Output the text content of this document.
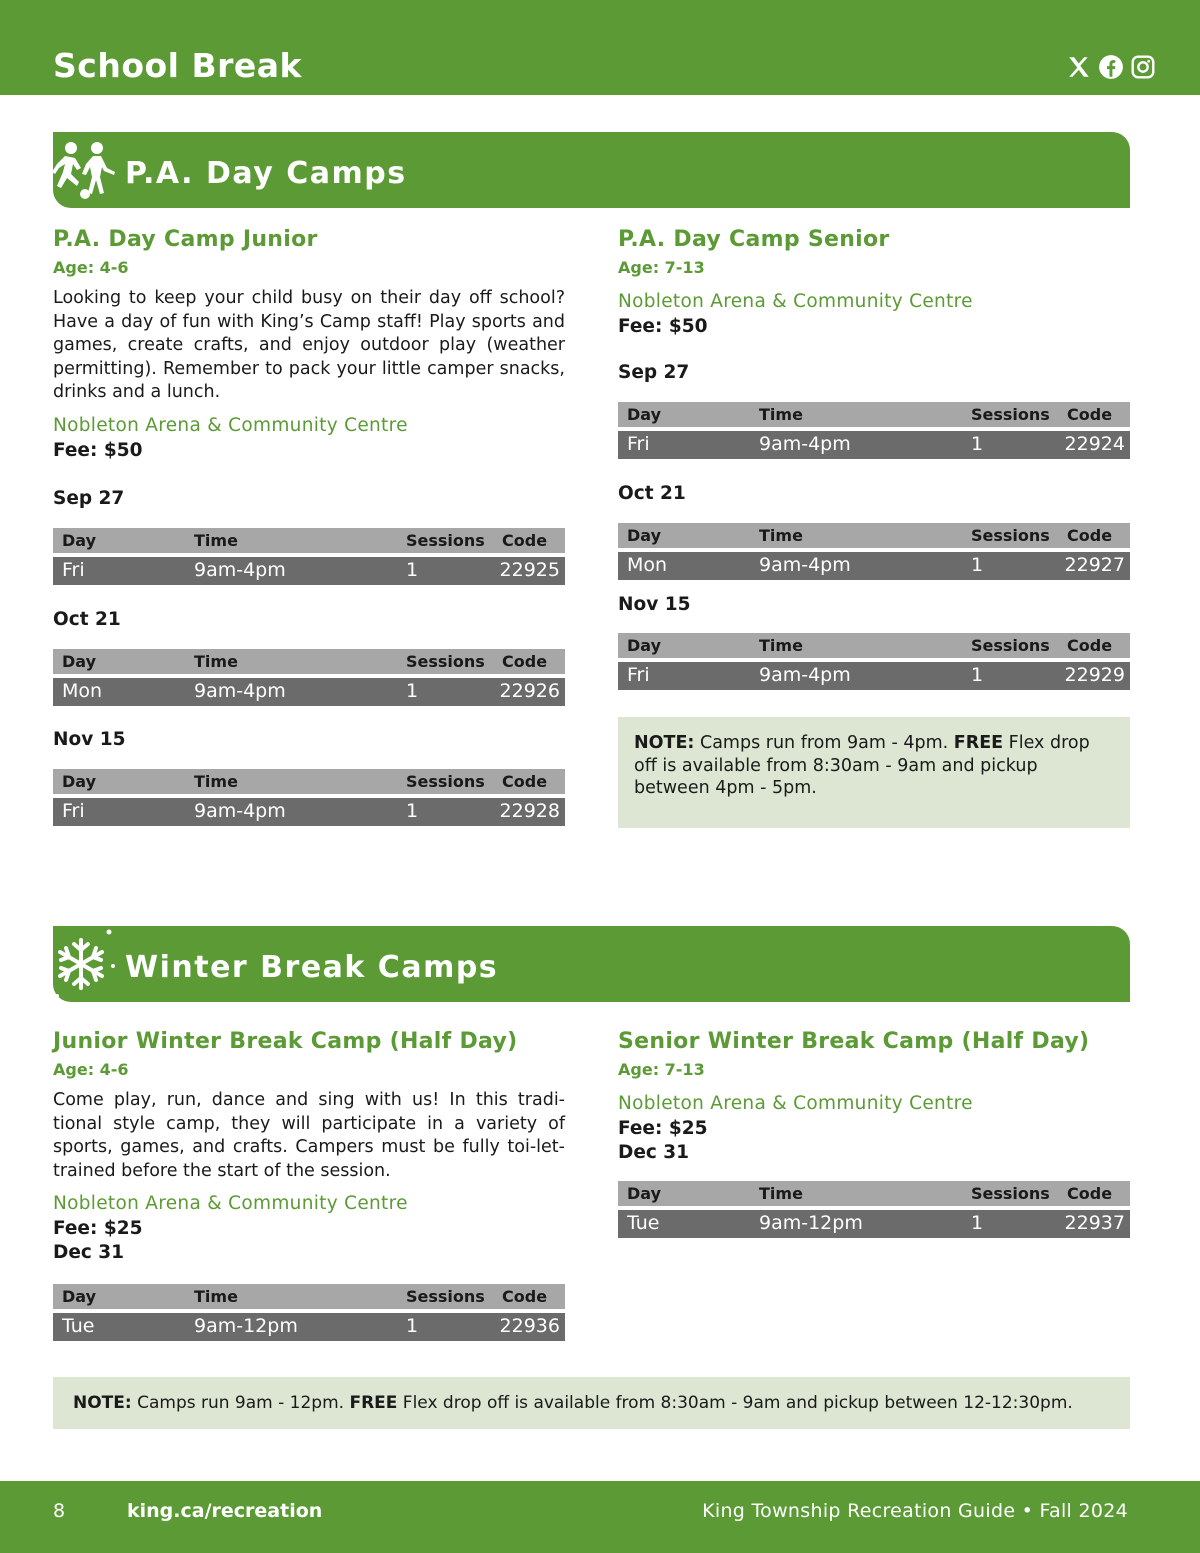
School Break
P.A. Day Camps
P.A. Day Camp Junior
Age: 4-6
Looking to keep your child busy on their day off school? Have a day of fun with King’s Camp staff! Play sports and games, create crafts, and enjoy outdoor play (weather permitting). Remember to pack your little camper snacks, drinks and a lunch.
Nobleton Arena & Community Centre
Fee: $50
Sep 27
Day	Time	Sessions Code
Fri	9am-4pm	1	22925
Oct 21
Day	Time	Sessions Code
Mon	9am-4pm	1	22926
Nov 15
Day	Time	Sessions Code
Fri	9am-4pm	1	22928
P.A. Day Camp Senior
Age: 7-13
Nobleton Arena & Community Centre
Fee: $50
Sep 27
Day	Time	Sessions Code
Fri	9am-4pm	1	22924
Oct 21
Day	Time	Sessions Code
Mon	9am-4pm	1	22927
Nov 15
Day	Time	Sessions Code
Fri	9am-4pm	1	22929
NOTE: Camps run from 9am - 4pm. FREE Flex drop off is available from 8:30am - 9am and pickup between 4pm - 5pm.
Winter Break Camps
Junior Winter Break Camp (Half Day)
Age: 4-6
Come play, run, dance and sing with us! In this tradi-tional style camp, they will participate in a variety of sports, games, and crafts. Campers must be fully toi-let-trained before the start of the session.
Nobleton Arena & Community Centre
Fee: $25
Dec 31
Day	Time	Sessions Code
Tue	9am-12pm	1	22936
Senior Winter Break Camp (Half Day)
Age: 7-13
Nobleton Arena & Community Centre
Fee: $25
Dec 31
Day	Time	Sessions Code
Tue	9am-12pm	1	22937
NOTE: Camps run 9am - 12pm. FREE Flex drop off is available from 8:30am - 9am and pickup between 12-12:30pm.
8	king.ca/recreation	King Township Recreation Guide • Fall 2024
